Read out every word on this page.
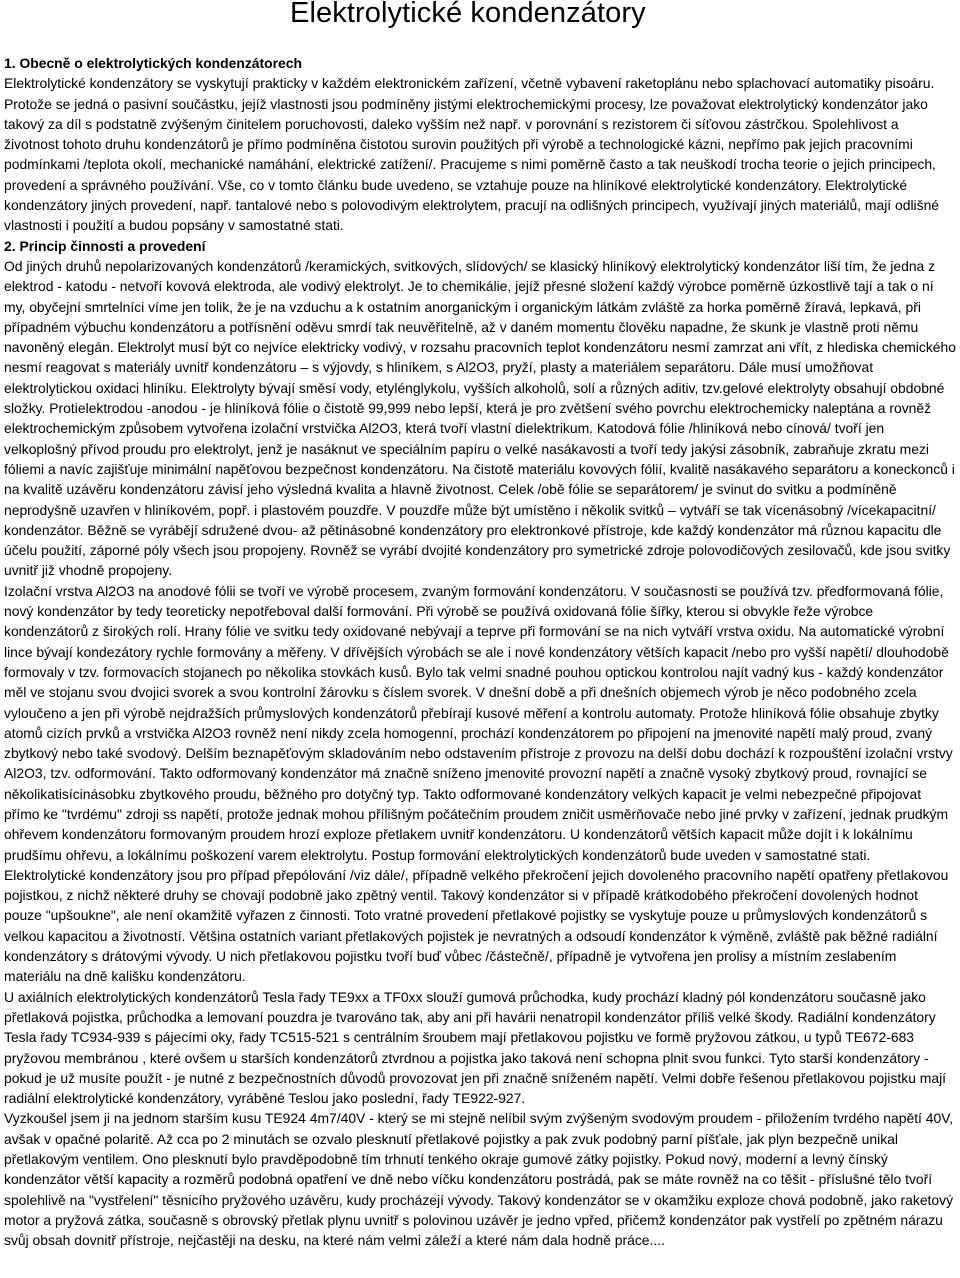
Elektrolytické kondenzátory
1. Obecně o elektrolytických kondenzátorech

Elektrolytické kondenzátory se vyskytují prakticky v každém elektronickém zařízení, včetně vybavení raketoplánu nebo splachovací automatiky pisoáru. Protože se jedná o pasivní součástku, jejíž vlastnosti jsou podmíněny jistými elektrochemickými procesy, lze považovat elektrolytický kondenzátor jako takový za díl s podstatně zvýšeným činitelem poruchovosti, daleko vyšším než např. v porovnání s rezistorem či síťovou zástrčkou. Spolehlivost a životnost tohoto druhu kondenzátorů je přímo podmíněna čistotou surovin použitých při výrobě a technologické kázni, nepřímo pak jejich pracovními podmínkami /teplota okolí, mechanické namáhání, elektrické zatížení/. Pracujeme s nimi poměrně často a tak neuškodí trocha teorie o jejich principech, provedení a správného používání. Vše, co v tomto článku bude uvedeno, se vztahuje pouze na hliníkové elektrolytické kondenzátory. Elektrolytické kondenzátory jiných provedení, např. tantalové nebo s polovodivým elektrolytem, pracují na odlišných principech, využívají jiných materiálů, mají odlišné vlastnosti i použití a budou popsány v samostatné stati.

2. Princip činnosti a provedení

Od jiných druhů nepolarizovaných kondenzátorů /keramických, svitkových, slídových/ se klasický hliníkový elektrolytický kondenzátor liší tím, že jedna z elektrod - katodu - netvoří kovová elektroda, ale vodivý elektrolyt. Je to chemikálie, jejíž přesné složení každý výrobce poměrně úzkostlivě tají a tak o ní my, obyčejní smrtelníci víme jen tolik, že je na vzduchu a k ostatním anorganickým i organickým látkám zvláště za horka poměrně žíravá, lepkavá, při případném výbuchu kondenzátoru a potřísnění oděvu smrdí tak neuvěřitelně, až v daném momentu člověku napadne, že skunk je vlastně proti němu navoněný elegán. Elektrolyt musí být co nejvíce elektricky vodivý, v rozsahu pracovních teplot kondenzátoru nesmí zamrzat ani vřít, z hlediska chemického nesmí reagovat s materiály uvnitř kondenzátoru – s výjovdy, s hliníkem, s Al2O3, pryží, plasty a materiálem separátoru. Dále musí umožňovat elektrolytickou oxidaci hliníku. Elektrolyty bývají směsí vody, etylénglykolu, vyšších alkoholů, solí a různých aditiv, tzv.gelové elektrolyty obsahují obdobné složky. Protielektrodou -anodou - je hliníková fólie o čistotě 99,999 nebo lepší, která je pro zvětšení svého povrchu elektrochemicky naleptána a rovněž elektrochemickým způsobem vytvořena izolační vrstvička Al2O3, která tvoří vlastní dielektrikum. Katodová fólie /hliníková nebo cínová/ tvoří jen velkoplošný přívod proudu pro elektrolyt, jenž je nasáknut ve speciálním papíru o velké nasákavosti a tvoří tedy jakýsi zásobník, zabraňuje zkratu mezi fóliemi a navíc zajišťuje minimální napěťovou bezpečnost kondenzátoru. Na čistotě materiálu kovových fólií, kvalitě nasákavého separátoru a koneckonců i na kvalitě uzávěru kondenzátoru závisí jeho výsledná kvalita a hlavně životnost. Celek /obě fólie se separátorem/ je svinut do svitku a podmíněně neprodyšně uzavřen v hliníkovém, popř. i plastovém pouzdře. V pouzdře může být umístěno i několik svitků – vytváří se tak vícenásobný /vícekapacitní/ kondenzátor. Běžně se vyrábějí sdružené dvou- až pětinásobné kondenzátory pro elektronkové přístroje, kde každý kondenzátor má různou kapacitu dle účelu použití, záporné póly všech jsou propojeny. Rovněž se vyrábí dvojité kondenzátory pro symetrické zdroje polovodičových zesilovačů, kde jsou svitky uvnitř již vhodně propojeny.

Izolační vrstva Al2O3 na anodové fólii se tvoří ve výrobě procesem, zvaným formování kondenzátoru. V současnosti se používá tzv. předformovaná fólie, nový kondenzátor by tedy teoreticky nepotřeboval další formování. Při výrobě se používá oxidovaná fólie šířky, kterou si obvykle řeže výrobce kondenzátorů z širokých rolí. Hrany fólie ve svitku tedy oxidované nebývají a teprve při formování se na nich vytváří vrstva oxidu. Na automatické výrobní lince bývají kondezátory rychle formovány a měřeny. V dřívějších výrobách se ale i nové kondenzátory větších kapacit /nebo pro vyšší napětí/ dlouhodobě formovaly v tzv. formovacích stojanech po několika stovkách kusů. Bylo tak velmi snadné pouhou optickou kontrolou najít vadný kus - každý kondenzátor měl ve stojanu svou dvojici svorek a svou kontrolní žárovku s číslem svorek. V dnešní době a při dnešních objemech výrob je něco podobného zcela vyloučeno a jen při výrobě nejdražších průmyslových kondenzátorů přebírají kusové měření a kontrolu automaty. Protože hliníková fólie obsahuje zbytky atomů cizích prvků a vrstvička Al2O3 rovněž není nikdy zcela homogenní, prochází kondenzátorem po připojení na jmenovité napětí malý proud, zvaný zbytkový nebo také svodový. Delším beznapěťovým skladováním nebo odstavením přístroje z provozu na delší dobu dochází k rozpouštění izolační vrstvy Al2O3, tzv. odformování. Takto odformovaný kondenzátor má značně sníženo jmenovité provozní napětí a značně vysoký zbytkový proud, rovnající se několikatisícinásobku zbytkového proudu, běžného pro dotyčný typ. Takto odformované kondenzátory velkých kapacit je velmi nebezpečné připojovat přímo ke "tvrdému" zdroji ss napětí, protože jednak mohou přílišným počátečním proudem zničit usměrňovače nebo jiné prvky v zařízení, jednak prudkým ohřevem kondenzátoru formovaným proudem hrozí exploze přetlakem uvnitř kondenzátoru. U kondenzátorů větších kapacit může dojít i k lokálnímu prudšímu ohřevu, a lokálnímu poškození varem elektrolytu. Postup formování elektrolytických kondenzátorů bude uveden v samostatné stati.

Elektrolytické kondenzátory jsou pro případ přepólování /viz dále/, případně velkého překročení jejich dovoleného pracovního napětí opatřeny přetlakovou pojistkou, z nichž některé druhy se chovají podobně jako zpětný ventil. Takový kondenzátor si v případě krátkodobého překročení dovolených hodnot pouze "upšoukne", ale není okamžitě vyřazen z činnosti. Toto vratné provedení přetlakové pojistky se vyskytuje pouze u průmyslových kondenzátorů s velkou kapacitou a životností. Většina ostatních variant přetlakových pojistek je nevratných a odsoudí kondenzátor k výměně, zvláště pak běžné radiální kondenzátory s drátovými vývody. U nich přetlakovou pojistku tvoří buď vůbec /částečně/, případně je vytvořena jen prolisy a místním zeslabením materiálu na dně kališku kondenzátoru.

U axiálních elektrolytických kondenzátorů Tesla řady TE9xx a TF0xx slouží gumová průchodka, kudy prochází kladný pól kondenzátoru současně jako přetlaková pojistka, průchodka a lemovaní pouzdra je tvarováno tak, aby ani při havárii nenatropil kondenzátor příliš velké škody. Radiální kondenzátory Tesla řady TC934-939 s pájecími oky, řady TC515-521 s centrálním šroubem mají přetlakovou pojistku ve formě pryžovou zátkou, u typů TE672-683 pryžovou membránou , které ovšem u starších kondenzátorů ztvrdnou a pojistka jako taková není schopna plnit svou funkci. Tyto starší kondenzátory - pokud je už musíte použít - je nutné z bezpečnostních důvodů provozovat jen při značně sníženém napětí. Velmi dobře řešenou přetlakovou pojistku mají radiální elektrolytické kondenzátory, vyráběné Teslou jako poslední, řady TE922-927.

Vyzkoušel jsem ji na jednom starším kusu TE924 4m7/40V - který se mi stejně nelíbil svým zvýšeným svodovým proudem - přiložením tvrdého napětí 40V, avšak v opačné polaritě. Až cca po 2 minutách se ozvalo plesknutí přetlakové pojistky a pak zvuk podobný parní píšťale, jak plyn bezpečně unikal přetlakovým ventilem. Ono plesknutí bylo pravděpodobně tím trhnutí tenkého okraje gumové zátky pojistky. Pokud nový, moderní a levný čínský kondenzátor větší kapacity a rozměrů podobná opatření ve dně nebo víčku kondenzátoru postrádá, pak se máte rovněž na co těšit - příslušné tělo tvoří spolehlivě na "vystřelení" těsnicího pryžového uzávěru, kudy procházejí vývody. Takový kondenzátor se v okamžiku exploze chová podobně, jako raketový motor a pryžová zátka, současně s obrovský přetlak plynu uvnitř s polovinou uzávěr je jedno vpřed, přičemž kondenzátor pak vystřelí po zpětném nárazu svůj obsah dovnitř přístroje, nejčastěji na desku, na které nám velmi záleží a které nám dala hodně práce....
